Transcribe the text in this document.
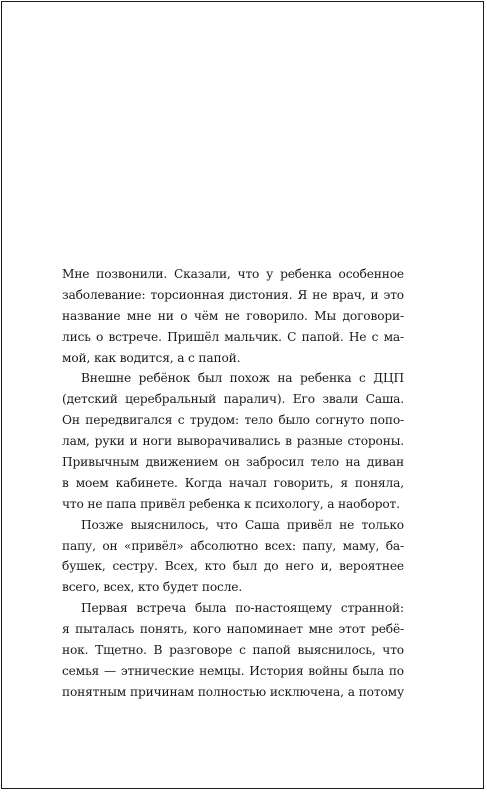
Мне позвонили. Сказали, что у ребенка особенное
заболевание: торсионная дистония. Я не врач, и это
название мне ни о чём не говорило. Мы договори-
лись о встрече. Пришёл мальчик. С папой. Не с ма-
мой, как водится, а с папой.
Внешне ребёнок был похож на ребенка с ДЦП
(детский церебральный паралич). Его звали Саша.
Он передвигался с трудом: тело было согнуто попо-
лам, руки и ноги выворачивались в разные стороны.
Привычным движением он забросил тело на диван
в моем кабинете. Когда начал говорить, я поняла,
что не папа привёл ребенка к психологу, а наоборот.
Позже выяснилось, что Саша привёл не только
папу, он «привёл» абсолютно всех: папу, маму, ба-
бушек, сестру. Всех, кто был до него и, вероятнее
всего, всех, кто будет после.
Первая встреча была по-настоящему странной:
я пыталась понять, кого напоминает мне этот ребё-
нок. Тщетно. В разговоре с папой выяснилось, что
семья — этнические немцы. История войны была по
понятным причинам полностью исключена, а потому
